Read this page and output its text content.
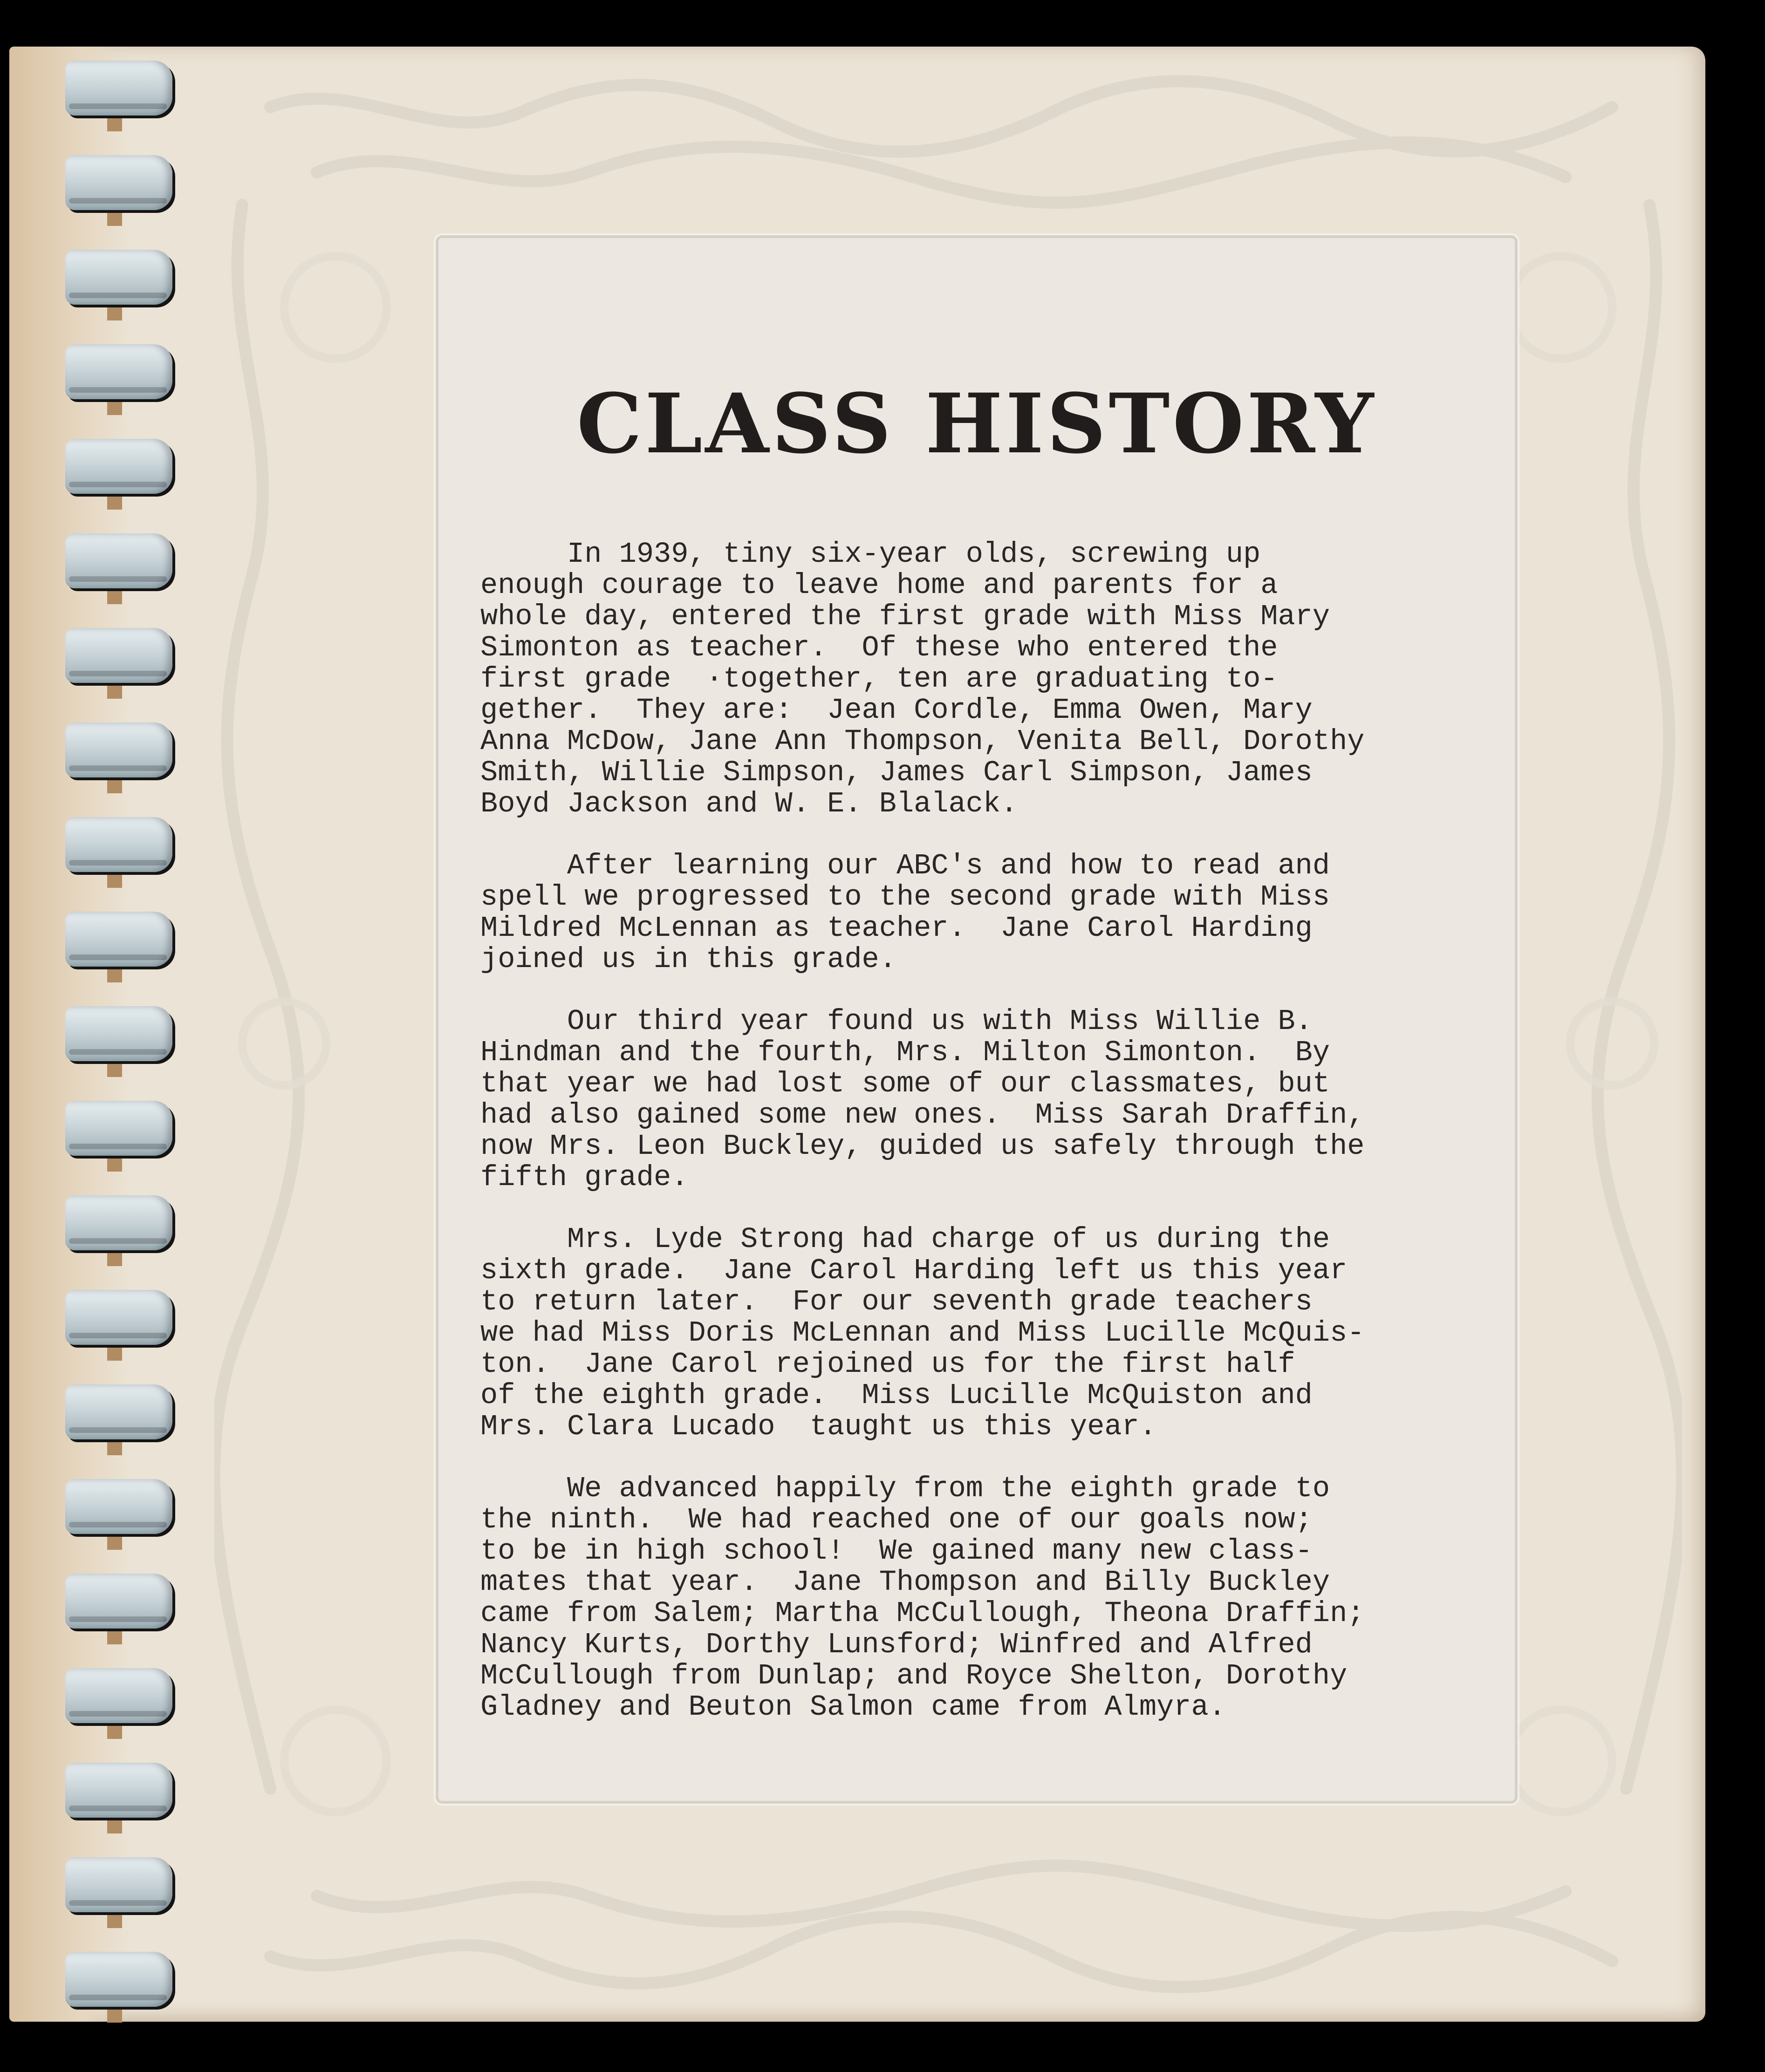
CLASS HISTORY

In 1939, tiny six-year olds, screwing up
enough courage to leave home and parents for a
whole day, entered the first grade with Miss Mary
Simonton as teacher.  Of these who entered the
first grade  ·together, ten are graduating to-
gether.  They are:  Jean Cordle, Emma Owen, Mary
Anna McDow, Jane Ann Thompson, Venita Bell, Dorothy
Smith, Willie Simpson, James Carl Simpson, James
Boyd Jackson and W. E. Blalack.

After learning our ABC's and how to read and
spell we progressed to the second grade with Miss
Mildred McLennan as teacher.  Jane Carol Harding
joined us in this grade.

Our third year found us with Miss Willie B.
Hindman and the fourth, Mrs. Milton Simonton.  By
that year we had lost some of our classmates, but
had also gained some new ones.  Miss Sarah Draffin,
now Mrs. Leon Buckley, guided us safely through the
fifth grade.

Mrs. Lyde Strong had charge of us during the
sixth grade.  Jane Carol Harding left us this year
to return later.  For our seventh grade teachers
we had Miss Doris McLennan and Miss Lucille McQuis-
ton.  Jane Carol rejoined us for the first half
of the eighth grade.  Miss Lucille McQuiston and
Mrs. Clara Lucado  taught us this year.

We advanced happily from the eighth grade to
the ninth.  We had reached one of our goals now;
to be in high school!  We gained many new class-
mates that year.  Jane Thompson and Billy Buckley
came from Salem; Martha McCullough, Theona Draffin;
Nancy Kurts, Dorthy Lunsford; Winfred and Alfred
McCullough from Dunlap; and Royce Shelton, Dorothy
Gladney and Beuton Salmon came from Almyra.
